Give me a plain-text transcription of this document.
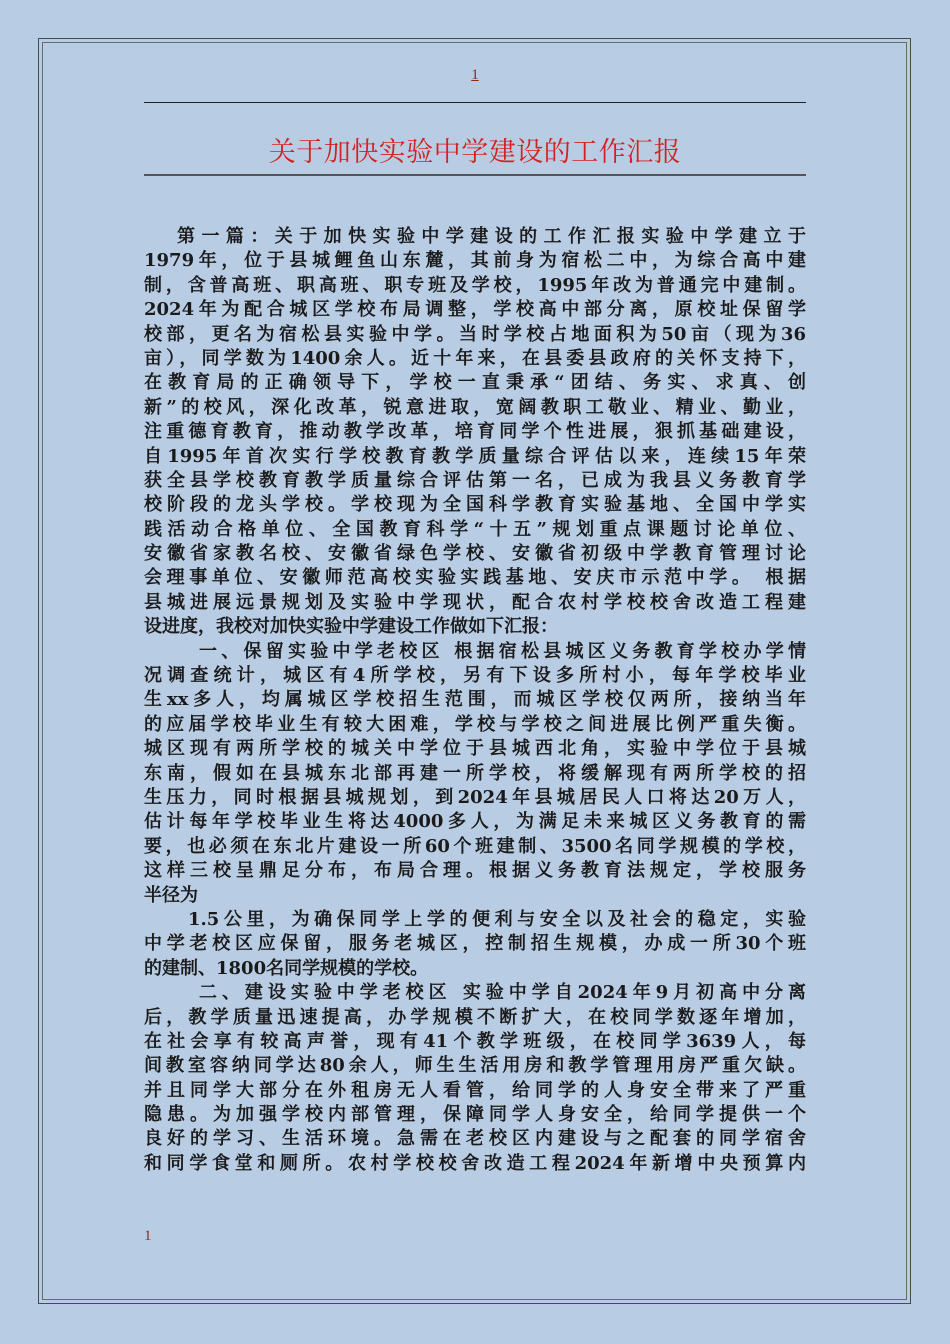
1
关于加快实验中学建设的工作汇报
第一篇：关于加快实验中学建设的工作汇报实验中学建立于
1979年，位于县城鲤鱼山东麓，其前身为宿松二中，为综合高中建
制，含普高班、职高班、职专班及学校，1995年改为普通完中建制。
2024年为配合城区学校布局调整，学校高中部分离，原校址保留学
校部，更名为宿松县实验中学。当时学校占地面积为50亩（现为36
亩），同学数为1400余人。近十年来，在县委县政府的关怀支持下，
在教育局的正确领导下，学校一直秉承“团结、务实、求真、创
新”的校风，深化改革，锐意进取，宽阔教职工敬业、精业、勤业，
注重德育教育，推动教学改革，培育同学个性进展，狠抓基础建设，
自1995年首次实行学校教育教学质量综合评估以来，连续15年荣
获全县学校教育教学质量综合评估第一名，已成为我县义务教育学
校阶段的龙头学校。学校现为全国科学教育实验基地、全国中学实
践活动合格单位、全国教育科学“十五”规划重点课题讨论单位、
安徽省家教名校、安徽省绿色学校、安徽省初级中学教育管理讨论
会理事单位、安徽师范高校实验实践基地、安庆市示范中学。 根据
县城进展远景规划及实验中学现状，配合农村学校校舍改造工程建
设进度，我校对加快实验中学建设工作做如下汇报：
一、保留实验中学老校区 根据宿松县城区义务教育学校办学情
况调查统计，城区有4所学校，另有下设多所村小，每年学校毕业
生xx多人，均属城区学校招生范围，而城区学校仅两所，接纳当年
的应届学校毕业生有较大困难，学校与学校之间进展比例严重失衡。
城区现有两所学校的城关中学位于县城西北角，实验中学位于县城
东南，假如在县城东北部再建一所学校，将缓解现有两所学校的招
生压力，同时根据县城规划，到2024年县城居民人口将达20万人，
估计每年学校毕业生将达4000多人，为满足未来城区义务教育的需
要，也必须在东北片建设一所60个班建制、3500名同学规模的学校，
这样三校呈鼎足分布，布局合理。根据义务教育法规定，学校服务
半径为
1.5公里，为确保同学上学的便利与安全以及社会的稳定，实验
中学老校区应保留，服务老城区，控制招生规模，办成一所30个班
的建制、1800名同学规模的学校。
二、建设实验中学老校区 实验中学自2024年9月初高中分离
后，教学质量迅速提高，办学规模不断扩大，在校同学数逐年增加，
在社会享有较高声誉，现有41个教学班级，在校同学3639人，每
间教室容纳同学达80余人，师生生活用房和教学管理用房严重欠缺。
并且同学大部分在外租房无人看管，给同学的人身安全带来了严重
隐患。为加强学校内部管理，保障同学人身安全，给同学提供一个
良好的学习、生活环境。急需在老校区内建设与之配套的同学宿舍
和同学食堂和厕所。农村学校校舍改造工程2024年新增中央预算内
1
